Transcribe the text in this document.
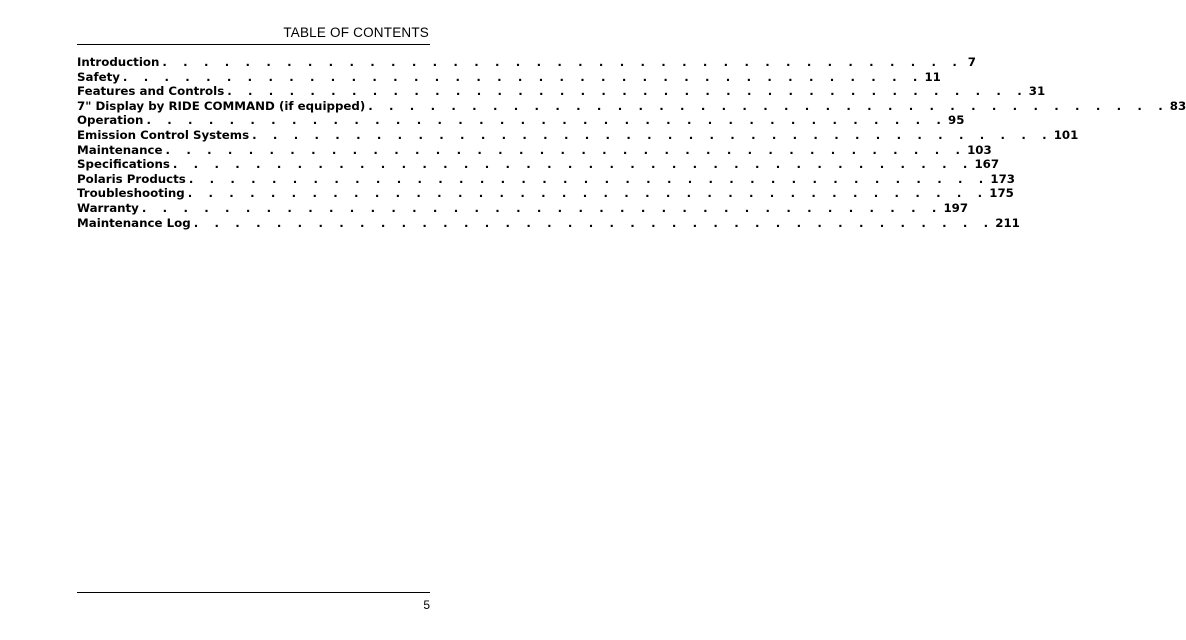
TABLE OF CONTENTS
Introduction . . . . . . . . . . . . . . . . . . . . . . . . . . . . . . . . . . . . . . . 7
Safety . . . . . . . . . . . . . . . . . . . . . . . . . . . . . . . . . . . . . . . 11
Features and Controls . . . . . . . . . . . . . . . . . . . . . . . . . . . . . . . . . . . . . . . 31
7" Display by RIDE COMMAND (if equipped) . . . . . . . . . . . . . . . . . . . . . . . . . . . . . . . . . . . . . . . 83
Operation . . . . . . . . . . . . . . . . . . . . . . . . . . . . . . . . . . . . . . . 95
Emission Control Systems . . . . . . . . . . . . . . . . . . . . . . . . . . . . . . . . . . . . . . . 101
Maintenance . . . . . . . . . . . . . . . . . . . . . . . . . . . . . . . . . . . . . . . 103
Specifications . . . . . . . . . . . . . . . . . . . . . . . . . . . . . . . . . . . . . . . 167
Polaris Products . . . . . . . . . . . . . . . . . . . . . . . . . . . . . . . . . . . . . . . 173
Troubleshooting . . . . . . . . . . . . . . . . . . . . . . . . . . . . . . . . . . . . . . . 175
Warranty . . . . . . . . . . . . . . . . . . . . . . . . . . . . . . . . . . . . . . . 197
Maintenance Log . . . . . . . . . . . . . . . . . . . . . . . . . . . . . . . . . . . . . . . 211
5
